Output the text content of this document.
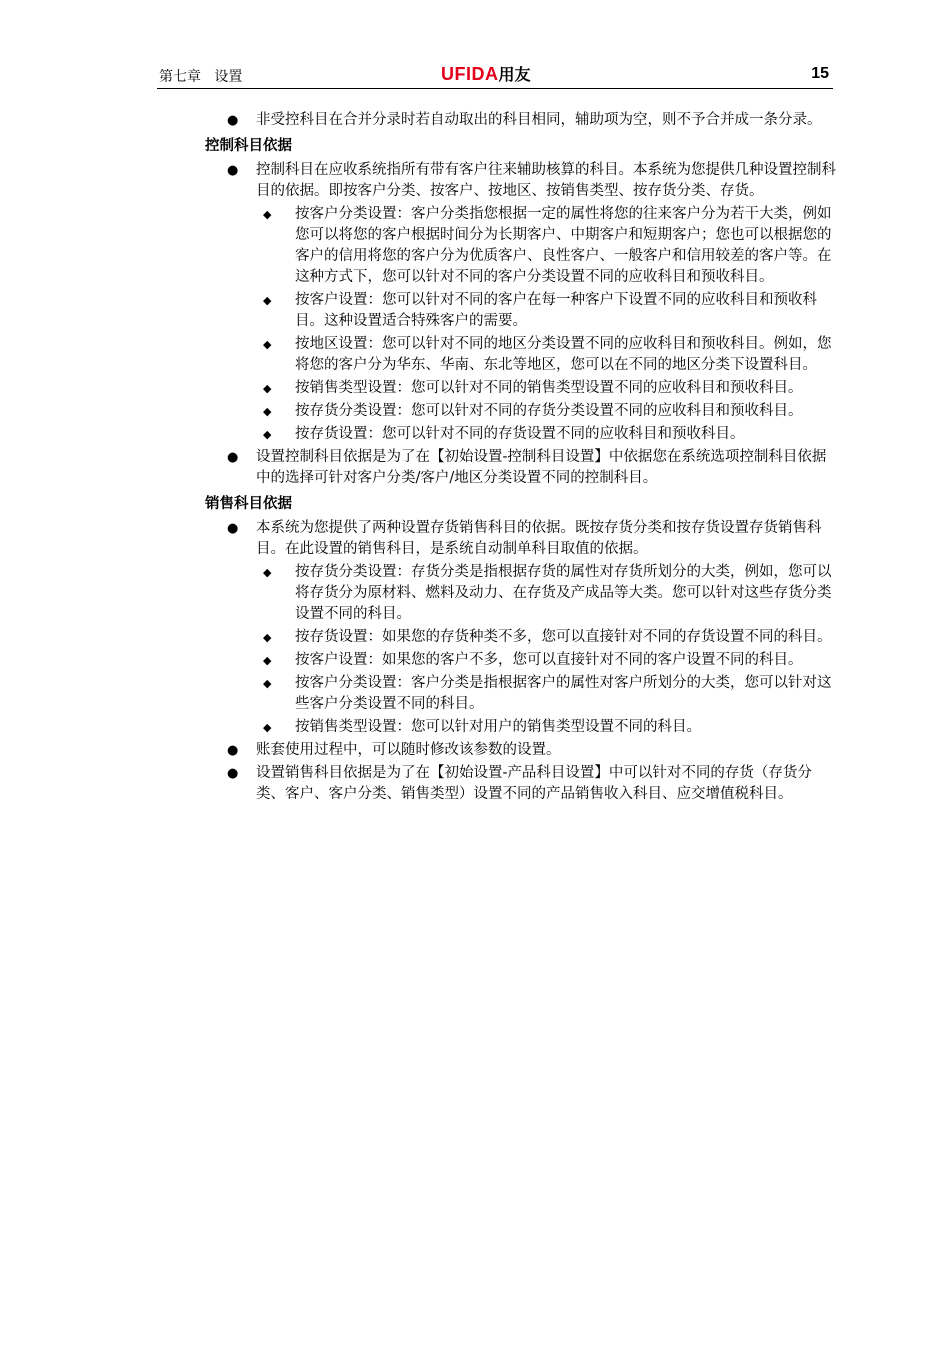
第七章   设置	UFIDA用友	15
● 非受控科目在合并分录时若自动取出的科目相同，辅助项为空，则不予合并成一条分录。
控制科目依据
● 控制科目在应收系统指所有带有客户往来辅助核算的科目。本系统为您提供几种设置控制科目的依据。即按客户分类、按客户、按地区、按销售类型、按存货分类、存货。
◆ 按客户分类设置：客户分类指您根据一定的属性将您的往来客户分为若干大类，例如您可以将您的客户根据时间分为长期客户、中期客户和短期客户；您也可以根据您的客户的信用将您的客户分为优质客户、良性客户、一般客户和信用较差的客户等。在这种方式下，您可以针对不同的客户分类设置不同的应收科目和预收科目。
◆ 按客户设置：您可以针对不同的客户在每一种客户下设置不同的应收科目和预收科目。这种设置适合特殊客户的需要。
◆ 按地区设置：您可以针对不同的地区分类设置不同的应收科目和预收科目。例如，您将您的客户分为华东、华南、东北等地区，您可以在不同的地区分类下设置科目。
◆ 按销售类型设置：您可以针对不同的销售类型设置不同的应收科目和预收科目。
◆ 按存货分类设置：您可以针对不同的存货分类设置不同的应收科目和预收科目。
◆ 按存货设置：您可以针对不同的存货设置不同的应收科目和预收科目。
● 设置控制科目依据是为了在【初始设置-控制科目设置】中依据您在系统选项控制科目依据中的选择可针对客户分类/客户/地区分类设置不同的控制科目。
销售科目依据
● 本系统为您提供了两种设置存货销售科目的依据。既按存货分类和按存货设置存货销售科目。在此设置的销售科目，是系统自动制单科目取值的依据。
◆ 按存货分类设置：存货分类是指根据存货的属性对存货所划分的大类，例如，您可以将存货分为原材料、燃料及动力、在存货及产成品等大类。您可以针对这些存货分类设置不同的科目。
◆ 按存货设置：如果您的存货种类不多，您可以直接针对不同的存货设置不同的科目。
◆ 按客户设置：如果您的客户不多，您可以直接针对不同的客户设置不同的科目。
◆ 按客户分类设置：客户分类是指根据客户的属性对客户所划分的大类，您可以针对这些客户分类设置不同的科目。
◆ 按销售类型设置：您可以针对用户的销售类型设置不同的科目。
● 账套使用过程中，可以随时修改该参数的设置。
● 设置销售科目依据是为了在【初始设置-产品科目设置】中可以针对不同的存货（存货分类、客户、客户分类、销售类型）设置不同的产品销售收入科目、应交增值税科目。
